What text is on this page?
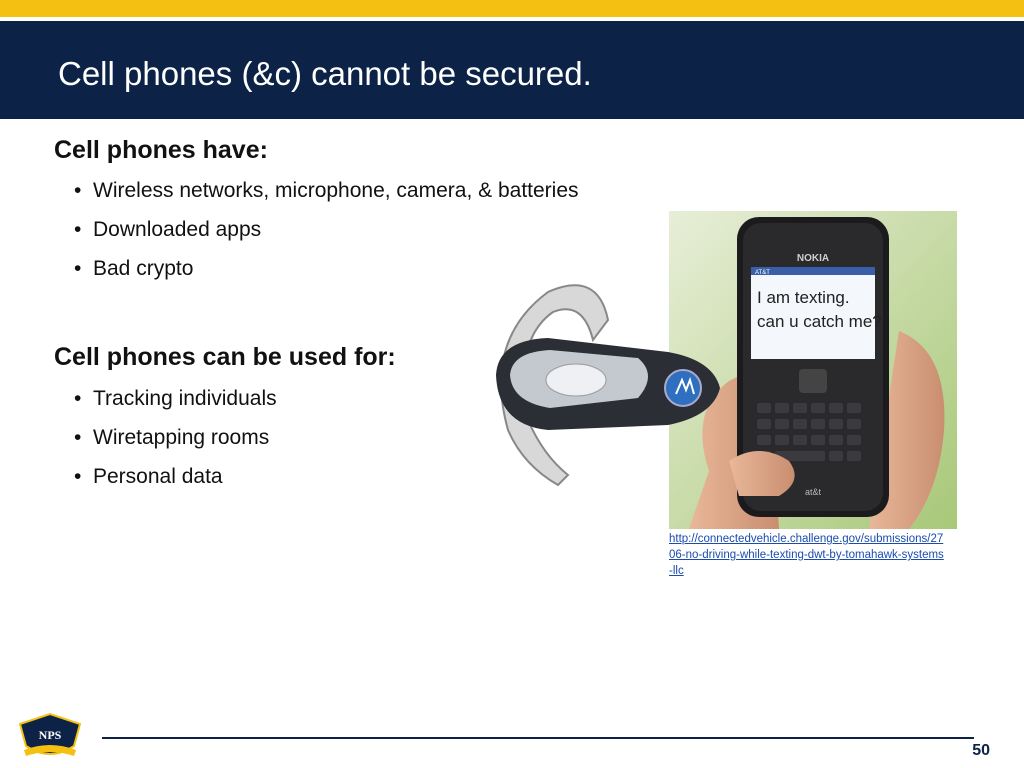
Cell phones (&c) cannot be secured.
Cell phones have:
• Wireless networks, microphone, camera, & batteries
• Downloaded apps
• Bad crypto
Cell phones can be used for:
• Tracking individuals
• Wiretapping rooms
• Personal data
NOKIA
AT&T
I am texting.
can u catch me?
at&t
http://connectedvehicle.challenge.gov/submissions/2706-no-driving-while-texting-dwt-by-tomahawk-systems-llc
NPS
50
